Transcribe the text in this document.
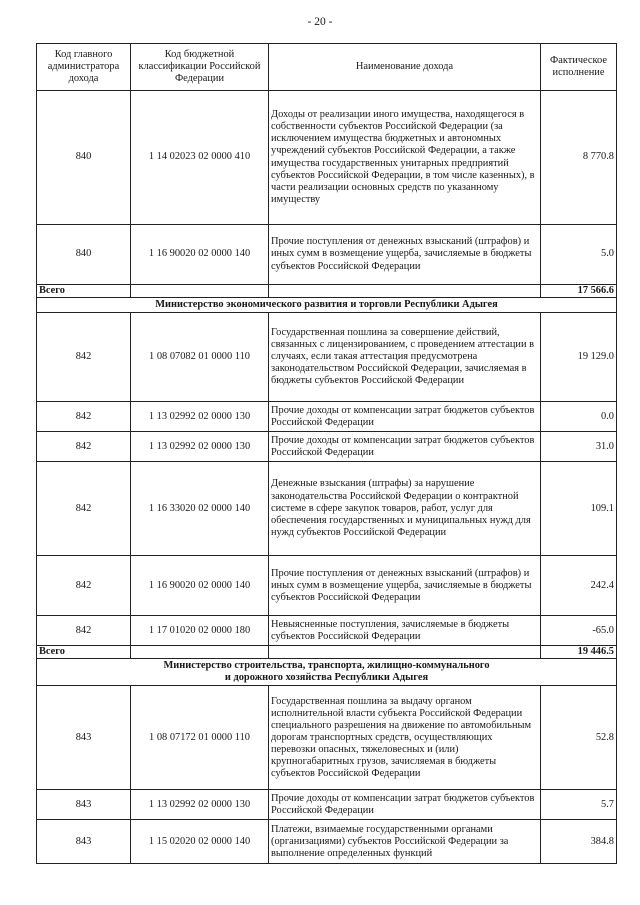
- 20 -
Код главного администратора дохода	Код бюджетной классификации Российской Федерации	Наименование дохода	Фактическое исполнение
840	1 14 02023 02 0000 410	Доходы от реализации иного имущества, находящегося в собственности субъектов Российской Федерации (за исключением имущества бюджетных и автономных учреждений субъектов Российской Федерации, а также имущества государственных унитарных предприятий субъектов Российской Федерации, в том числе казенных), в части реализации основных средств по указанному имуществу	8 770.8
840	1 16 90020 02 0000 140	Прочие поступления от денежных взысканий (штрафов) и иных сумм в возмещение ущерба, зачисляемые в бюджеты субъектов Российской Федерации	5.0
Всего			17 566.6
Министерство экономического развития и торговли Республики Адыгея			
842	1 08 07082 01 0000 110	Государственная пошлина за совершение действий, связанных с лицензированием, с проведением аттестации в случаях, если такая аттестация предусмотрена законодательством Российской Федерации, зачисляемая в бюджеты субъектов Российской Федерации	19 129.0
842	1 13 02992 02 0000 130	Прочие доходы от компенсации затрат бюджетов субъектов Российской Федерации	0.0
842	1 13 02992 02 0000 130	Прочие доходы от компенсации затрат бюджетов субъектов Российской Федерации	31.0
842	1 16 33020 02 0000 140	Денежные взыскания (штрафы) за нарушение законодательства Российской Федерации о контрактной системе в сфере закупок товаров, работ, услуг для обеспечения государственных и муниципальных нужд для нужд субъектов Российской Федерации	109.1
842	1 16 90020 02 0000 140	Прочие поступления от денежных взысканий (штрафов) и иных сумм в возмещение ущерба, зачисляемые в бюджеты субъектов Российской Федерации	242.4
842	1 17 01020 02 0000 180	Невыясненные поступления, зачисляемые в бюджеты субъектов Российской Федерации	-65.0
Всего			19 446.5

Министерство строительства, транспорта, жилищно-коммунального
и дорожного хозяйства Республики Адыгея			

843	1 08 07172 01 0000 110	Государственная пошлина за выдачу органом исполнительной власти субъекта Российской Федерации специального разрешения на движение по автомобильным дорогам транспортных средств, осуществляющих перевозки опасных, тяжеловесных и (или) крупногабаритных грузов, зачисляемая в бюджеты субъектов Российской Федерации	52.8
843	1 13 02992 02 0000 130	Прочие доходы от компенсации затрат бюджетов субъектов Российской Федерации	5.7
843	1 15 02020 02 0000 140	Платежи, взимаемые государственными органами (организациями) субъектов Российской Федерации за выполнение определенных функций	384.8
